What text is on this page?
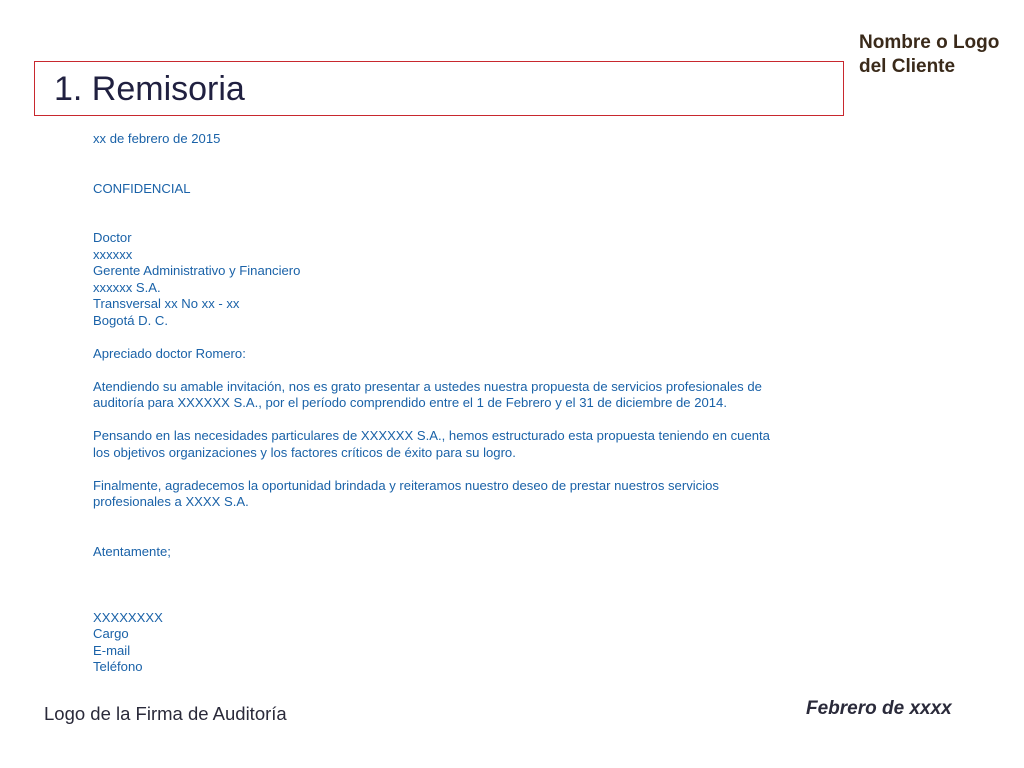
Nombre o Logo
del Cliente
1. Remisoria
xx de febrero de 2015
CONFIDENCIAL
Doctor
xxxxxx
Gerente Administrativo y Financiero
xxxxxx S.A.
Transversal xx No xx - xx
Bogotá D. C.
Apreciado doctor Romero:
Atendiendo su amable invitación, nos es grato presentar a ustedes nuestra propuesta de servicios profesionales de
auditoría para XXXXXX S.A., por el período comprendido entre el 1 de Febrero y el 31 de diciembre de 2014.
Pensando en las necesidades particulares de XXXXXX S.A., hemos estructurado esta propuesta teniendo en cuenta
los objetivos organizaciones y los factores críticos de éxito para su logro.
Finalmente, agradecemos la oportunidad brindada y reiteramos nuestro deseo de prestar nuestros servicios
profesionales a XXXX S.A.
Atentamente;
XXXXXXXX
Cargo
E-mail
Teléfono
Logo de la Firma de Auditoría	Febrero de xxxx
